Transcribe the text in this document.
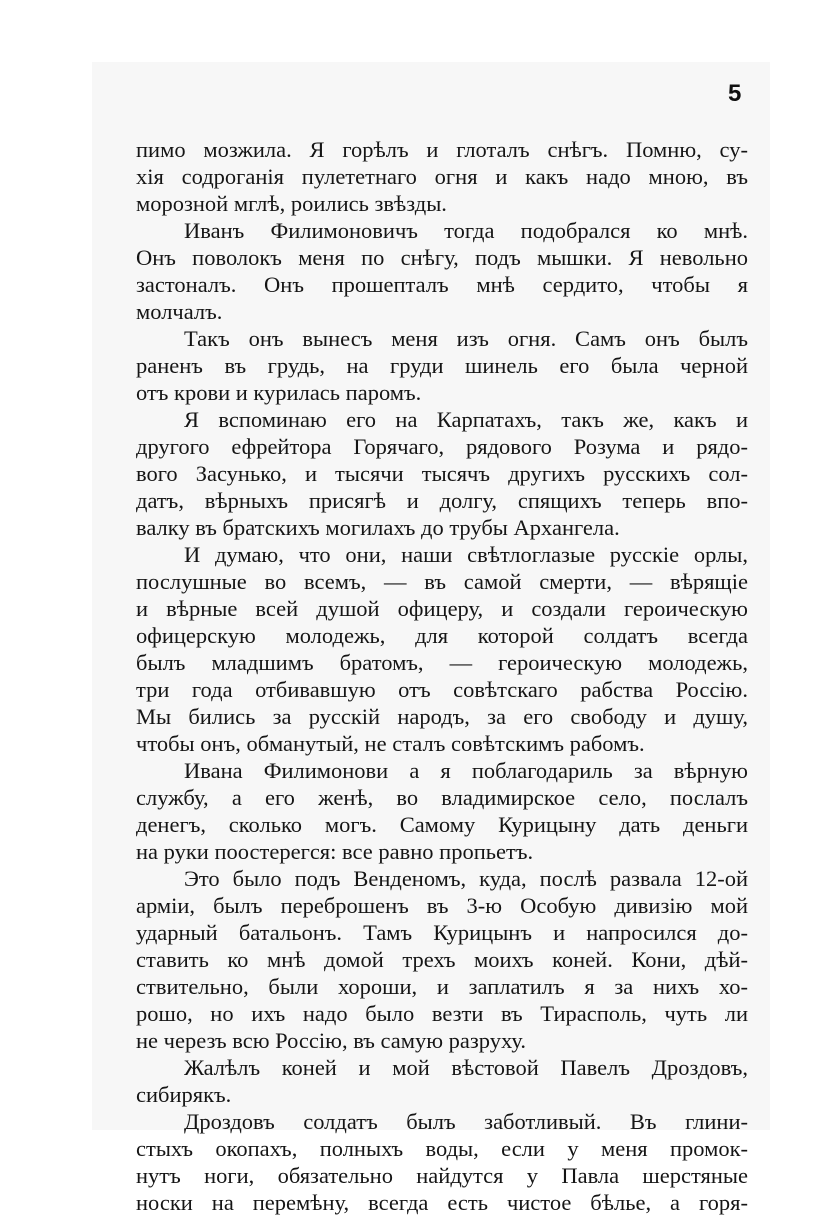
5
пимо мозжила. Я горѣлъ и глоталъ снѣгъ. Помню, су-
хія содроганія пулететнаго огня и какъ надо мною, въ
морозной мглѣ, роились звѣзды.
Иванъ Филимоновичъ тогда подобрался ко мнѣ.
Онъ поволокъ меня по снѣгу, подъ мышки. Я невольно
застоналъ. Онъ прошепталъ мнѣ сердито, чтобы я
молчалъ.
Такъ онъ вынесъ меня изъ огня. Самъ онъ былъ
раненъ въ грудь, на груди шинель его была черной
отъ крови и курилась паромъ.
Я вспоминаю его на Карпатахъ, такъ же, какъ и
другого ефрейтора Горячаго, рядового Розума и рядо-
вого Засунько, и тысячи тысячъ другихъ русскихъ сол-
датъ, вѣрныхъ присягѣ и долгу, спящихъ теперь впо-
валку въ братскихъ могилахъ до трубы Архангела.
И думаю, что они, наши свѣтлоглазые русскіе орлы,
послушные во всемъ, — въ самой смерти, — вѣрящіе
и вѣрные всей душой офицеру, и создали героическую
офицерскую молодежь, для которой солдатъ всегда
былъ младшимъ братомъ, — героическую молодежь,
три года отбивавшую отъ совѣтскаго рабства Россію.
Мы бились за русскій народъ, за его свободу и душу,
чтобы онъ, обманутый, не сталъ совѣтскимъ рабомъ.
Ивана Филимонови а я поблагодариль за вѣрную
службу, а его женѣ, во владимирское село, послалъ
денегъ, сколько могъ. Самому Курицыну дать деньги
на руки поостерегся: все равно пропьетъ.
Это было подъ Венденомъ, куда, послѣ развала 12-ой
арміи, былъ переброшенъ въ 3-ю Особую дивизію мой
ударный батальонъ. Тамъ Курицынъ и напросился до-
ставить ко мнѣ домой трехъ моихъ коней. Кони, дѣй-
ствительно, были хороши, и заплатилъ я за нихъ хо-
рошо, но ихъ надо было везти въ Тирасполь, чуть ли
не черезъ всю Россію, въ самую разруху.
Жалѣлъ коней и мой вѣстовой Павелъ Дроздовъ,
сибирякъ.
Дроздовъ солдатъ былъ заботливый. Въ глини-
стыхъ окопахъ, полныхъ воды, если у меня промок-
нутъ ноги, обязательно найдутся у Павла шерстяные
носки на перемѣну, всегда есть чистое бѣлье, а горя-
